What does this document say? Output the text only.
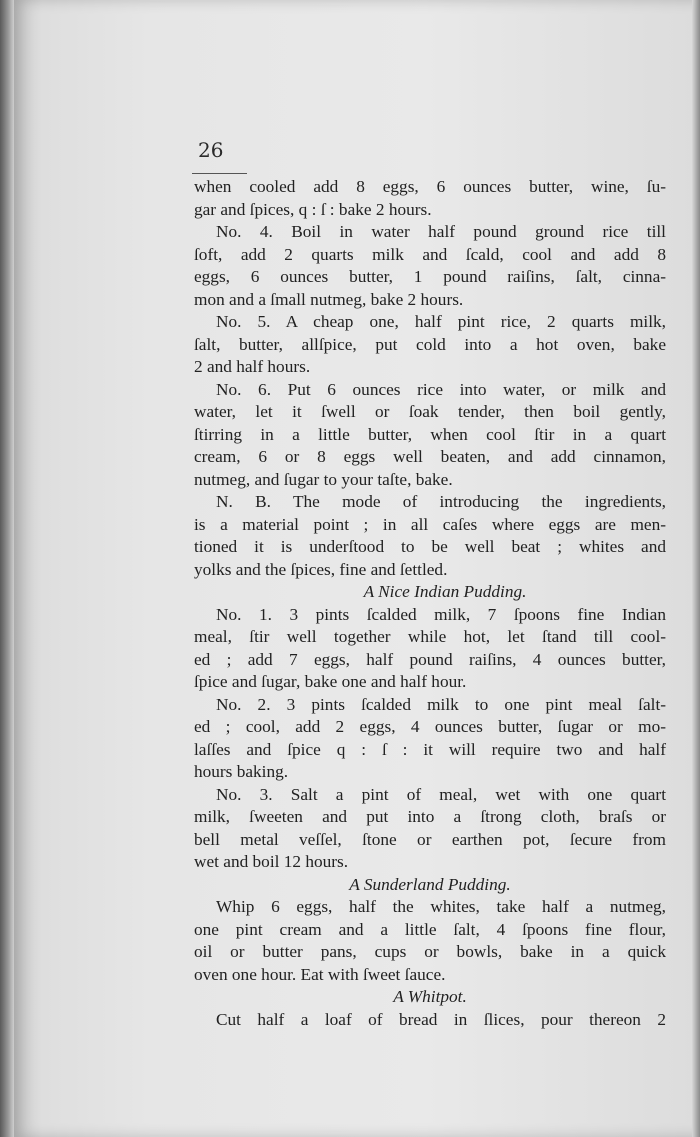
26
when cooled add 8 eggs, 6 ounces butter, wine, ſu-
gar and ſpices, q : ſ : bake 2 hours.
No. 4. Boil in water half pound ground rice till
ſoft, add 2 quarts milk and ſcald, cool and add 8
eggs, 6 ounces butter, 1 pound raiſins, ſalt, cinna-
mon and a ſmall nutmeg, bake 2 hours.
No. 5. A cheap one, half pint rice, 2 quarts milk,
ſalt, butter, allſpice, put cold into a hot oven, bake
2 and half hours.
No. 6. Put 6 ounces rice into water, or milk and
water, let it ſwell or ſoak tender, then boil gently,
ſtirring in a little butter, when cool ſtir in a quart
cream, 6 or 8 eggs well beaten, and add cinnamon,
nutmeg, and ſugar to your taſte, bake.
N. B. The mode of introducing the ingredients,
is a material point ; in all caſes where eggs are men-
tioned it is underſtood to be well beat ; whites and
yolks and the ſpices, fine and ſettled.
A Nice Indian Pudding.
No. 1. 3 pints ſcalded milk, 7 ſpoons fine Indian
meal, ſtir well together while hot, let ſtand till cool-
ed ; add 7 eggs, half pound raiſins, 4 ounces butter,
ſpice and ſugar, bake one and half hour.
No. 2. 3 pints ſcalded milk to one pint meal ſalt-
ed ; cool, add 2 eggs, 4 ounces butter, ſugar or mo-
laſſes and ſpice q : ſ : it will require two and half
hours baking.
No. 3. Salt a pint of meal, wet with one quart
milk, ſweeten and put into a ſtrong cloth, braſs or
bell metal veſſel, ſtone or earthen pot, ſecure from
wet and boil 12 hours.
A Sunderland Pudding.
Whip 6 eggs, half the whites, take half a nutmeg,
one pint cream and a little ſalt, 4 ſpoons fine flour,
oil or butter pans, cups or bowls, bake in a quick
oven one hour. Eat with ſweet ſauce.
A Whitpot.
Cut half a loaf of bread in ſlices, pour thereon 2
